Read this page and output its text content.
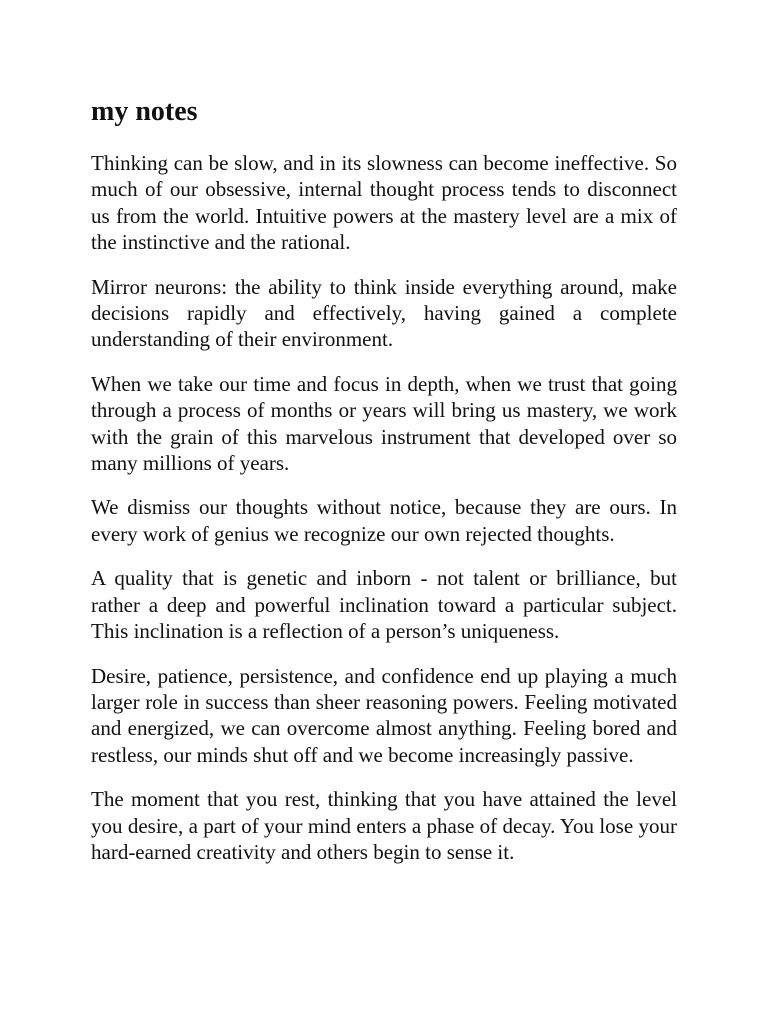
my notes

Thinking can be slow, and in its slowness can become ineffective. So much of our obsessive, internal thought process tends to disconnect us from the world. Intuitive powers at the mastery level are a mix of the instinctive and the rational.

Mirror neurons: the ability to think inside everything around, make decisions rapidly and effectively, having gained a complete understanding of their environment.

When we take our time and focus in depth, when we trust that going through a process of months or years will bring us mastery, we work with the grain of this marvelous instrument that developed over so many millions of years.

We dismiss our thoughts without notice, because they are ours. In every work of genius we recognize our own rejected thoughts.

A quality that is genetic and inborn - not talent or brilliance, but rather a deep and powerful inclination toward a particular subject. This inclination is a reflection of a person’s uniqueness.

Desire, patience, persistence, and confidence end up playing a much larger role in success than sheer reasoning powers. Feeling motivated and energized, we can overcome almost anything. Feeling bored and restless, our minds shut off and we become increasingly passive.

The moment that you rest, thinking that you have attained the level you desire, a part of your mind enters a phase of decay. You lose your hard-earned creativity and others begin to sense it.
